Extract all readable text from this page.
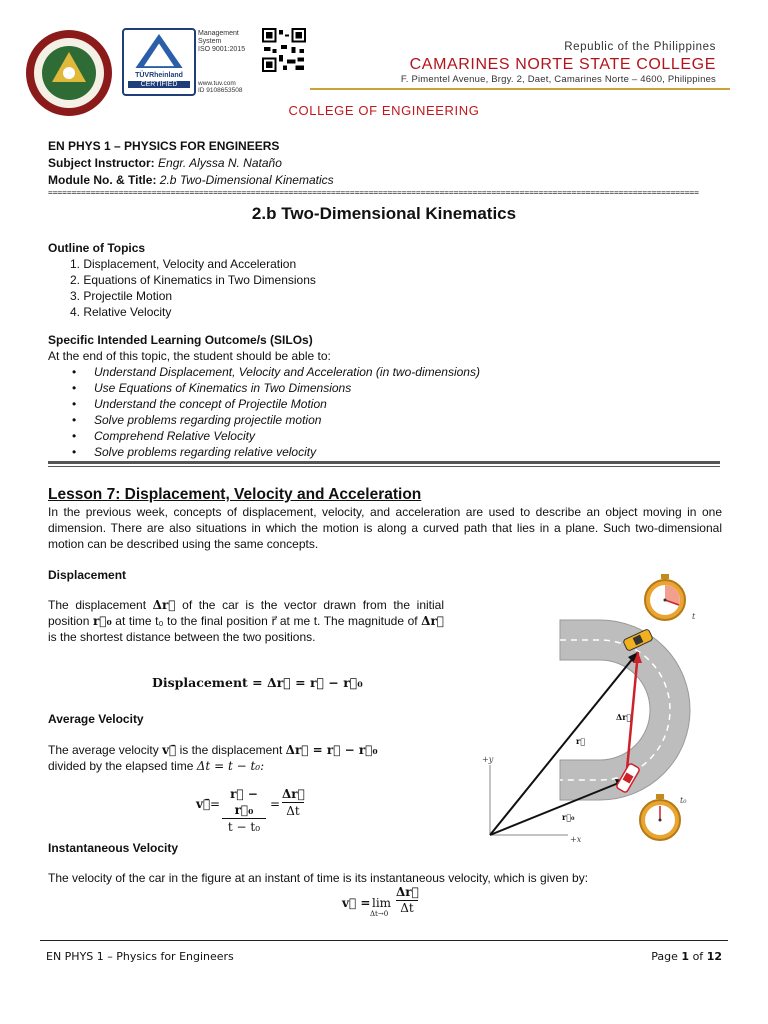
TÜVRheinland
CERTIFIED
Management
System
ISO 9001:2015
www.tuv.com
ID 9108653508
Republic of the Philippines
CAMARINES NORTE STATE COLLEGE
F. Pimentel Avenue, Brgy. 2, Daet, Camarines Norte – 4600, Philippines
COLLEGE OF ENGINEERING
EN PHYS 1 – PHYSICS FOR ENGINEERS
Subject Instructor: Engr. Alyssa N. Nataño
Module No. & Title: 2.b Two-Dimensional Kinematics
==========================================================================================================================================
2.b Two-Dimensional Kinematics
Outline of Topics
1. Displacement, Velocity and Acceleration
2. Equations of Kinematics in Two Dimensions
3. Projectile Motion
4. Relative Velocity
Specific Intended Learning Outcome/s (SILOs)
At the end of this topic, the student should be able to:
• Understand Displacement, Velocity and Acceleration (in two-dimensions)
• Use Equations of Kinematics in Two Dimensions
• Understand the concept of Projectile Motion
• Solve problems regarding projectile motion
• Comprehend Relative Velocity
• Solve problems regarding relative velocity
Lesson 7: Displacement, Velocity and Acceleration
In the previous week, concepts of displacement, velocity, and acceleration are used to describe an object moving in one dimension. There are also situations in which the motion is along a curved path that lies in a plane. Such two-dimensional motion can be described using the same concepts.
Displacement
The displacement Δr⃗ of the car is the vector drawn from the initial position r⃗₀ at time t₀ to the final position r⃗ at me t. The magnitude of Δr⃗ is the shortest distance between the two positions.
Displacement = Δr⃗ = r⃗ − r⃗₀
Average Velocity
The average velocity v⃗̄ is the displacement Δr⃗ = r⃗ − r⃗₀
divided by the elapsed time Δt = t − t₀:
v⃗̄ =
r⃗ − r⃗₀
t − t₀
=
Δr⃗
Δt
Instantaneous Velocity
The velocity of the car in the figure at an instant of time is its instantaneous velocity, which is given by:
v⃗ = lim
Δt→0
Δr⃗
Δt
+y
+x
r⃗
r⃗₀
Δr⃗
t
t₀
EN PHYS 1 – Physics for Engineers	Page 1 of 12
